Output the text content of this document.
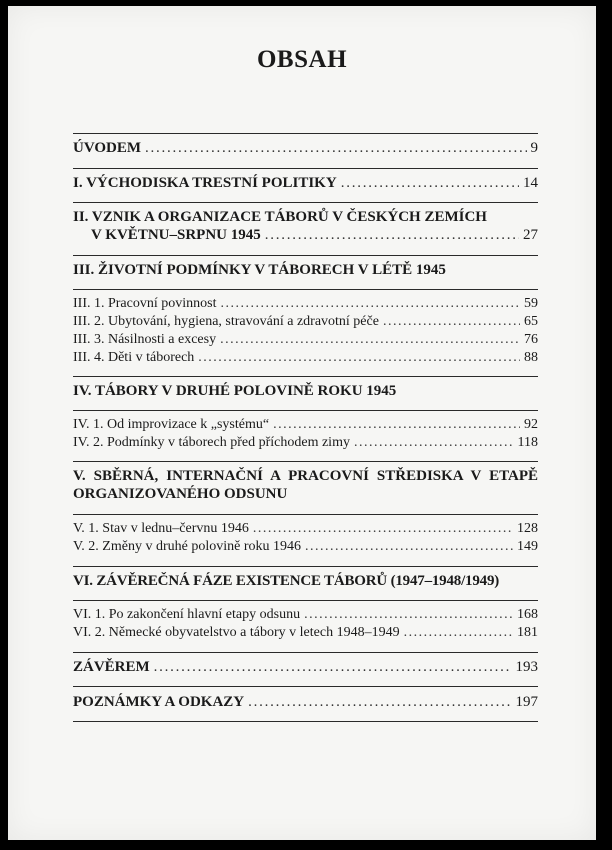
OBSAH
ÚVODEM . . .	9
I. VÝCHODISKA TRESTNÍ POLITIKY . . .	14
II. VZNIK A ORGANIZACE TÁBORŮ V ČESKÝCH ZEMÍCH
V KVĚTNU–SRPNU 1945 . . .	27
III. ŽIVOTNÍ PODMÍNKY V TÁBORECH V LÉTĚ 1945
III. 1. Pracovní povinnost . . .	59
III. 2. Ubytování, hygiena, stravování a zdravotní péče . . .	65
III. 3. Násilnosti a excesy . . .	76
III. 4. Děti v táborech . . .	88
IV. TÁBORY V DRUHÉ POLOVINĚ ROKU 1945
IV. 1. Od improvizace k „systému“ . . .	92
IV. 2. Podmínky v táborech před příchodem zimy . . .	118
V. SBĚRNÁ, INTERNAČNÍ A PRACOVNÍ STŘEDISKA V ETAPĚ
ORGANIZOVANÉHO ODSUNU
V. 1. Stav v lednu–červnu 1946 . . .	128
V. 2. Změny v druhé polovině roku 1946 . . .	149
VI. ZÁVĚREČNÁ FÁZE EXISTENCE TÁBORŮ (1947–1948/1949)
VI. 1. Po zakončení hlavní etapy odsunu . . .	168
VI. 2. Německé obyvatelstvo a tábory v letech 1948–1949 . . .	181
ZÁVĚREM . . .	193
POZNÁMKY A ODKAZY . . .	197
